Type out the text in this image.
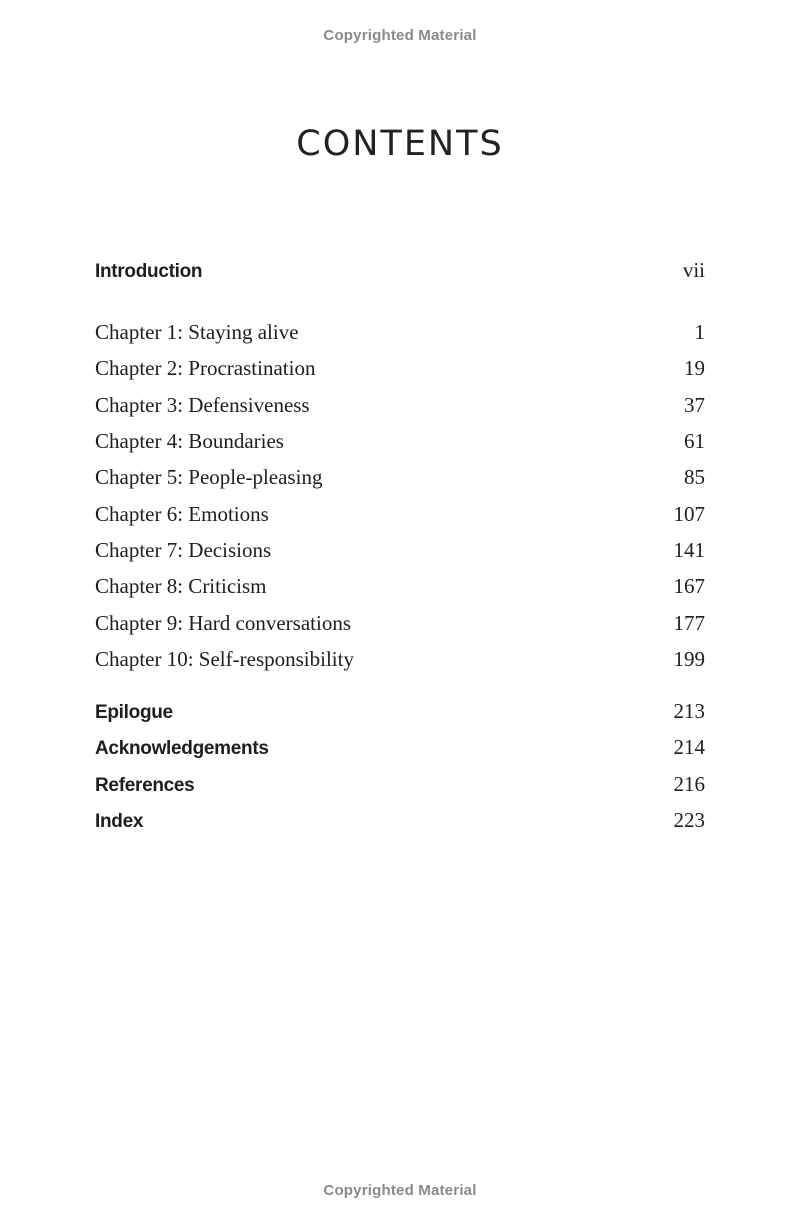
Copyrighted Material
CONTENTS
Introduction	vii
Chapter 1: Staying alive	1
Chapter 2: Procrastination	19
Chapter 3: Defensiveness	37
Chapter 4: Boundaries	61
Chapter 5: People-pleasing	85
Chapter 6: Emotions	107
Chapter 7: Decisions	141
Chapter 8: Criticism	167
Chapter 9: Hard conversations	177
Chapter 10: Self-responsibility	199
Epilogue	213
Acknowledgements	214
References	216
Index	223
Copyrighted Material
